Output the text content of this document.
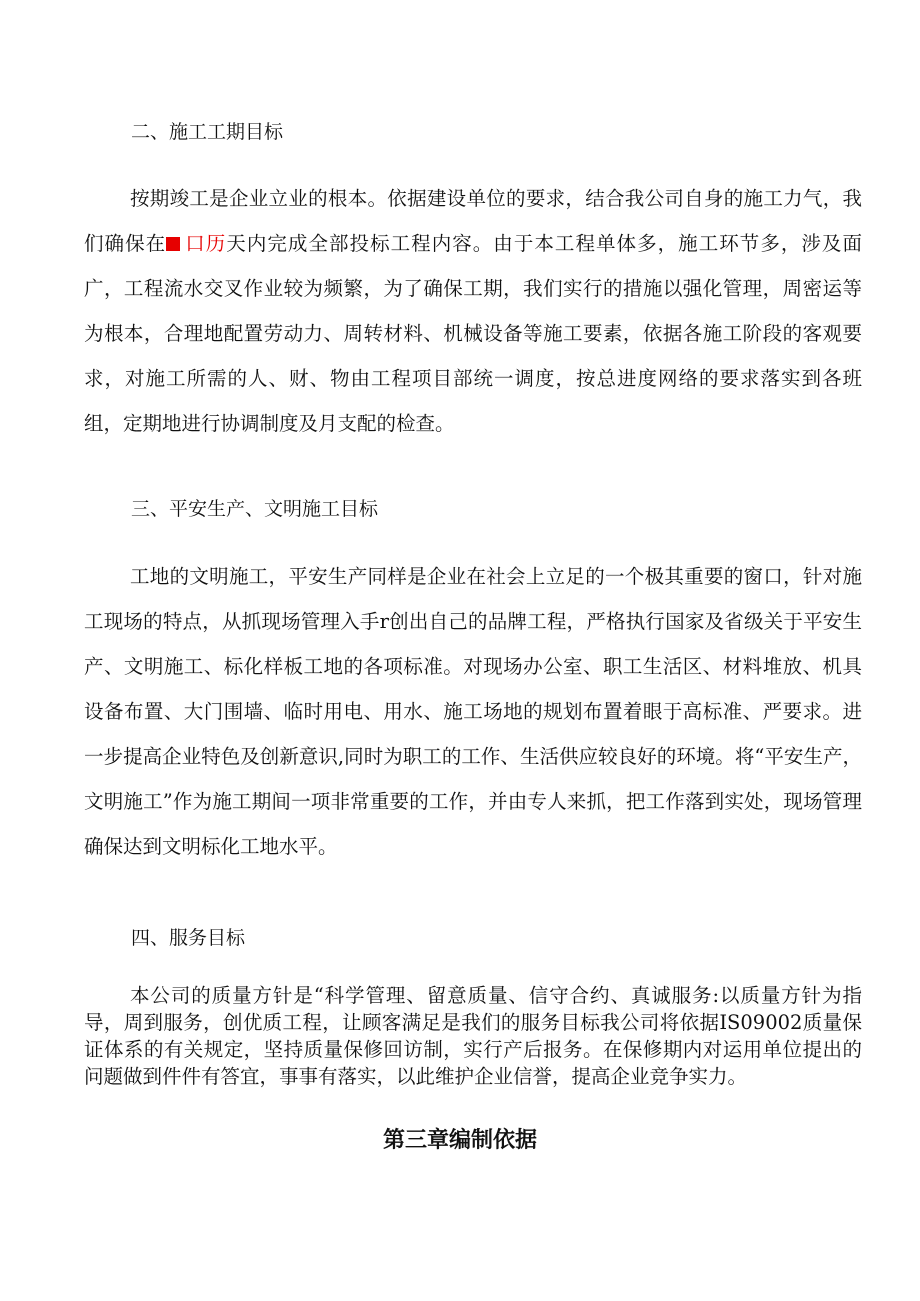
二、施工工期目标
按期竣工是企业立业的根本。依据建设单位的要求，结合我公司自身的施工力气，我们确保在 口历天内完成全部投标工程内容。由于本工程单体多，施工环节多，涉及面广，工程流水交叉作业较为频繁，为了确保工期，我们实行的措施以强化管理，周密运等为根本，合理地配置劳动力、周转材料、机械设备等施工要素，依据各施工阶段的客观要求，对施工所需的人、财、物由工程项目部统一调度，按总进度网络的要求落实到各班组，定期地进行协调制度及月支配的检查。
三、平安生产、文明施工目标
工地的文明施工，平安生产同样是企业在社会上立足的一个极其重要的窗口，针对施工现场的特点，从抓现场管理入手r创出自己的品牌工程，严格执行国家及省级关于平安生产、文明施工、标化样板工地的各项标准。对现场办公室、职工生活区、材料堆放、机具设备布置、大门围墙、临时用电、用水、施工场地的规划布置着眼于高标准、严要求。进一步提高企业特色及创新意识,同时为职工的工作、生活供应较良好的环境。将“平安生产，文明施工”作为施工期间一项非常重要的工作，并由专人来抓，把工作落到实处，现场管理确保达到文明标化工地水平。
四、服务目标
本公司的质量方针是“科学管理、留意质量、信守合约、真诚服务:以质量方针为指导，周到服务，创优质工程，让顾客满足是我们的服务目标我公司将依据IS09002质量保证体系的有关规定，坚持质量保修回访制，实行产后报务。在保修期内对运用单位提出的问题做到件件有答宜，事事有落实，以此维护企业信誉，提高企业竞争实力。
第三章编制依据
